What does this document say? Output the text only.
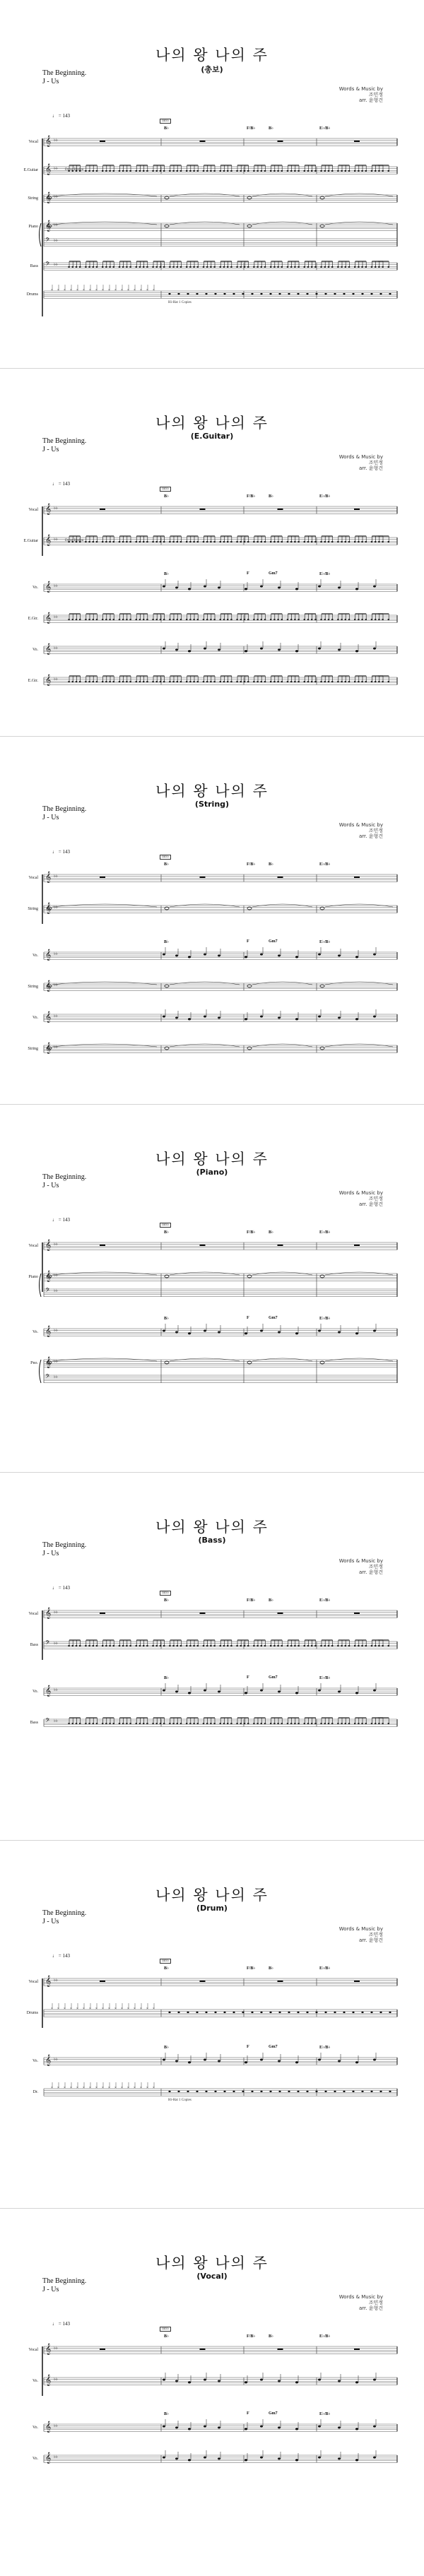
나의 왕 나의 주
(총보)
The Beginning.
J - Us
Words & Music by
조민정
arr. 윤형건
♩ = 143
Intro
𝄞 ♭♭
𝄞 ♭♭
𝄞 ♭♭
𝄞 ♭♭
𝄢 ♭♭
𝄢 ♭♭
× × × × × × × × × × × × × × × × ×
B♭	F/B♭	B♭	E♭/B♭
Vocal
E.Guitar	Drive Rhthm
String
Piano
Bass
Drums
Hi-Hat 1 Copies
나의 왕 나의 주
(E.Guitar)
The Beginning.
J - Us
Words & Music by
조민정
arr. 윤형건
♩ = 143
Intro
𝄞 ♭♭
𝄞 ♭♭
𝄞 ♭♭
𝄞 ♭♭
𝄞 ♭♭
𝄞 ♭♭
B♭	F/B♭	B♭	E♭/B♭
Vocal
E.Guitar	Drive Rhthm
B♭	F	Gm7	E♭/B♭
Vo.
E.Gtr.
Vo.
E.Gtr.
나의 왕 나의 주
(String)
The Beginning.
J - Us
Words & Music by
조민정
arr. 윤형건
♩ = 143
Intro
𝄞 ♭♭
𝄞 ♭♭
𝄞 ♭♭
𝄞 ♭♭
𝄞 ♭♭
𝄞 ♭♭
B♭	F/B♭	B♭	E♭/B♭
Vocal
String
B♭	F	Gm7	E♭/B♭
Vo.
String
Vo.
String
나의 왕 나의 주
(Piano)
The Beginning.
J - Us
Words & Music by
조민정
arr. 윤형건
♩ = 143
Intro
𝄞 ♭♭
𝄞 ♭♭
𝄢 ♭♭
𝄞 ♭♭
𝄞 ♭♭
𝄢 ♭♭
B♭	F/B♭	B♭	E♭/B♭
Vocal
Piano
B♭	F	Gm7	E♭/B♭
Vo.
Pno.
나의 왕 나의 주
(Bass)
The Beginning.
J - Us
Words & Music by
조민정
arr. 윤형건
♩ = 143
Intro
𝄞 ♭♭
𝄢 ♭♭
𝄞 ♭♭
𝄢 ♭♭
B♭	F/B♭	B♭	E♭/B♭
Vocal
Bass
B♭	F	Gm7	E♭/B♭
Vo.
Bass
나의 왕 나의 주
(Drum)
The Beginning.
J - Us
Words & Music by
조민정
arr. 윤형건
♩ = 143
Intro
𝄞 ♭♭
× × × × × × × × × × × × × × × × ×
𝄞 ♭♭
× × × × × × × × × × × × × × × × ×
B♭	F/B♭	B♭	E♭/B♭
Vocal
Drums
B♭	F	Gm7	E♭/B♭
Vo.
Dr.
Hi-Hat 1 Copies
나의 왕 나의 주
(Vocal)
The Beginning.
J - Us
Words & Music by
조민정
arr. 윤형건
♩ = 143
Intro
𝄞 ♭♭
𝄞 ♭♭
𝄞 ♭♭
𝄞 ♭♭
B♭	F/B♭	B♭	E♭/B♭
Vocal
Vo.
B♭	F	Gm7	E♭/B♭
Vo.
Vo.
